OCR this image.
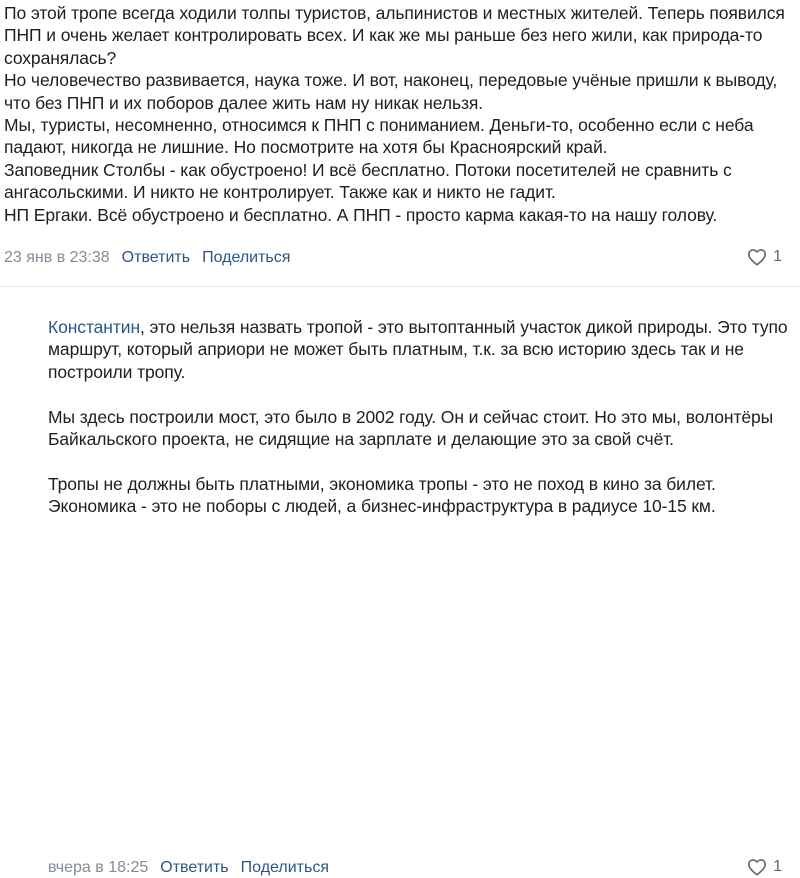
По этой тропе всегда ходили толпы туристов, альпинистов и местных жителей. Теперь появился ПНП и очень желает контролировать всех. И как же мы раньше без него жили, как природа-то сохранялась?

Но человечество развивается, наука тоже. И вот, наконец, передовые учёные пришли к выводу, что без ПНП и их поборов далее жить нам ну никак нельзя.

Мы, туристы, несомненно, относимся к ПНП с пониманием. Деньги-то, особенно если с неба падают, никогда не лишние. Но посмотрите на хотя бы Красноярский край.

Заповедник Столбы - как обустроено! И всё бесплатно. Потоки посетителей не сравнить с ангасольскими. И никто не контролирует. Также как и никто не гадит.

НП Ергаки. Всё обустроено и бесплатно. А ПНП - просто карма какая-то на нашу голову.

23 янв в 23:38 Ответить Поделиться	1

Константин, это нельзя назвать тропой - это вытоптанный участок дикой природы. Это тупо маршрут, который априори не может быть платным, т.к. за всю историю здесь так и не построили тропу.

Мы здесь построили мост, это было в 2002 году. Он и сейчас стоит. Но это мы, волонтёры Байкальского проекта, не сидящие на зарплате и делающие это за свой счёт.

Тропы не должны быть платными, экономика тропы - это не поход в кино за билет.

Экономика - это не поборы с людей, а бизнес-инфраструктура в радиусе 10-15 км.

вчера в 18:25 Ответить Поделиться	1
